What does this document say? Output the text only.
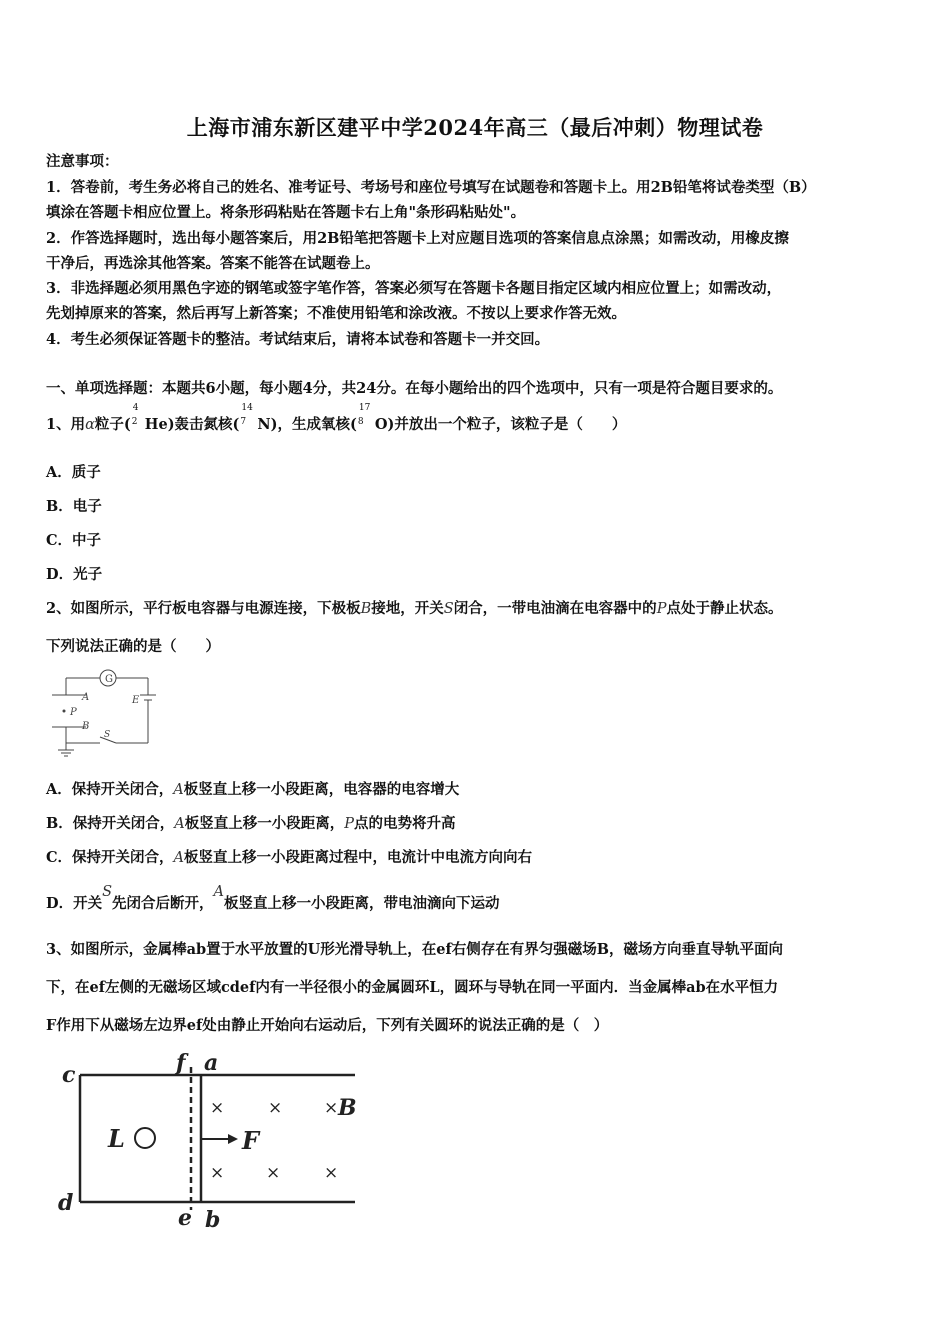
上海市浦东新区建平中学2024年高三（最后冲刺）物理试卷
注意事项：
1．答卷前，考生务必将自己的姓名、准考证号、考场号和座位号填写在试题卷和答题卡上。用2B铅笔将试卷类型（B）
填涂在答题卡相应位置上。将条形码粘贴在答题卡右上角"条形码粘贴处"。
2．作答选择题时，选出每小题答案后，用2B铅笔把答题卡上对应题目选项的答案信息点涂黑；如需改动，用橡皮擦
干净后，再选涂其他答案。答案不能答在试题卷上。
3．非选择题必须用黑色字迹的钢笔或签字笔作答，答案必须写在答题卡各题目指定区域内相应位置上；如需改动，
先划掉原来的答案，然后再写上新答案；不准使用铅笔和涂改液。不按以上要求作答无效。
4．考生必须保证答题卡的整洁。考试结束后，请将本试卷和答题卡一并交回。
一、单项选择题：本题共6小题，每小题4分，共24分。在每小题给出的四个选项中，只有一项是符合题目要求的。
1、用α粒子(
4
2 He)轰击氮核(
14
7 N)，生成氧核(
17
8 O)并放出一个粒子，该粒子是（　　）
A．质子
B．电子
C．中子
D．光子
2、如图所示，平行板电容器与电源连接，下极板B接地，开关S闭合，一带电油滴在电容器中的P点处于静止状态。
下列说法正确的是（　　）
G
A	E
P
B
S
A．保持开关闭合，A板竖直上移一小段距离，电容器的电容增大
B．保持开关闭合，A板竖直上移一小段距离，P点的电势将升高
C．保持开关闭合，A板竖直上移一小段距离过程中，电流计中电流方向向右
D．开关S先闭合后断开，A板竖直上移一小段距离，带电油滴向下运动
3、如图所示，金属棒ab置于水平放置的U形光滑导轨上，在ef右侧存在有界匀强磁场B，磁场方向垂直导轨平面向
下，在ef左侧的无磁场区域cdef内有一半径很小的金属圆环L，圆环与导轨在同一平面内．当金属棒ab在水平恒力
F作用下从磁场左边界ef处由静止开始向右运动后，下列有关圆环的说法正确的是（　）
c	f a
d
e b
L	F
B
×	× ×
× ×	×
